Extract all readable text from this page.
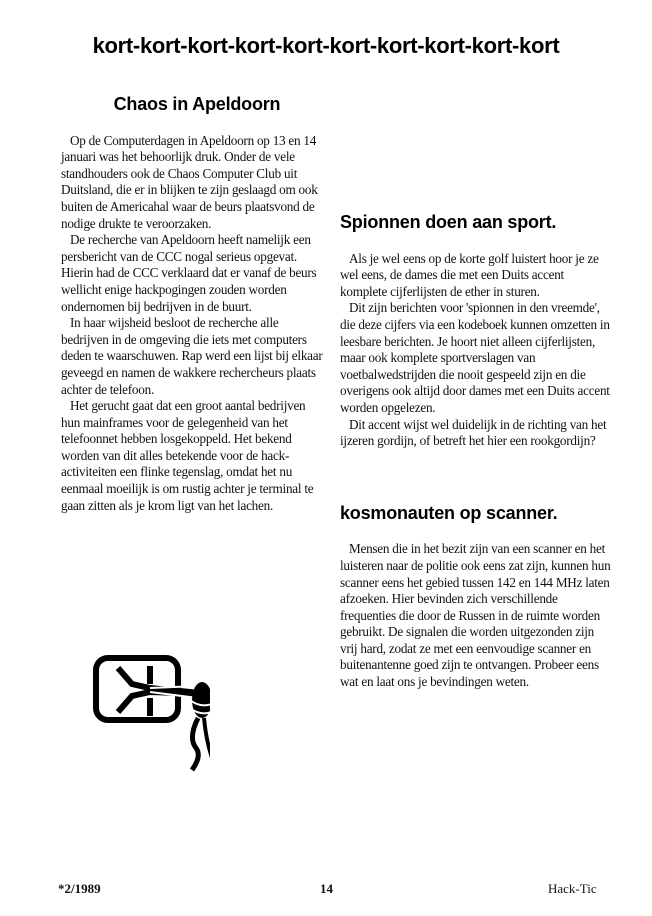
kort-kort-kort-kort-kort-kort-kort-kort-kort-kort
Chaos in Apeldoorn

Op de Computerdagen in Apeldoorn op 13 en 14 januari was het behoorlijk druk. Onder de vele standhouders ook de Chaos Computer Club uit Duitsland, die er in blijken te zijn geslaagd om ook buiten de Americahal waar de beurs plaatsvond de nodige drukte te veroorzaken.

De recherche van Apeldoorn heeft namelijk een persbericht van de CCC nogal serieus opgevat. Hierin had de CCC verklaard dat er vanaf de beurs wellicht enige hackpogingen zouden worden ondernomen bij bedrijven in de buurt.

In haar wijsheid besloot de recherche alle bedrijven in de omgeving die iets met computers deden te waarschuwen. Rap werd een lijst bij elkaar geveegd en namen de wakkere rechercheurs plaats achter de telefoon.

Het gerucht gaat dat een groot aantal bedrijven hun mainframes voor de gelegenheid van het telefoonnet hebben losgekoppeld. Het bekend worden van dit alles betekende voor de hack-activiteiten een flinke tegenslag, omdat het nu eenmaal moeilijk is om rustig achter je terminal te gaan zitten als je krom ligt van het lachen.

Spionnen doen aan sport.

Als je wel eens op de korte golf luistert hoor je ze wel eens, de dames die met een Duits accent komplete cijferlijsten de ether in sturen.

Dit zijn berichten voor 'spionnen in den vreemde', die deze cijfers via een kodeboek kunnen omzetten in leesbare berichten. Je hoort niet alleen cijferlijsten, maar ook komplete sportverslagen van voetbalwedstrijden die nooit gespeeld zijn en die overigens ook altijd door dames met een Duits accent worden opgelezen.

Dit accent wijst wel duidelijk in de richting van het ijzeren gordijn, of betreft het hier een rookgordijn?

kosmonauten op scanner.

Mensen die in het bezit zijn van een scanner en het luisteren naar de politie ook eens zat zijn, kunnen hun scanner eens het gebied tussen 142 en 144 MHz laten afzoeken. Hier bevinden zich verschillende frequenties die door de Russen in de ruimte worden gebruikt. De signalen die worden uitgezonden zijn vrij hard, zodat ze met een eenvoudige scanner en buitenantenne goed zijn te ontvangen. Probeer eens wat en laat ons je bevindingen weten.

*2/1989	14	Hack-Tic
